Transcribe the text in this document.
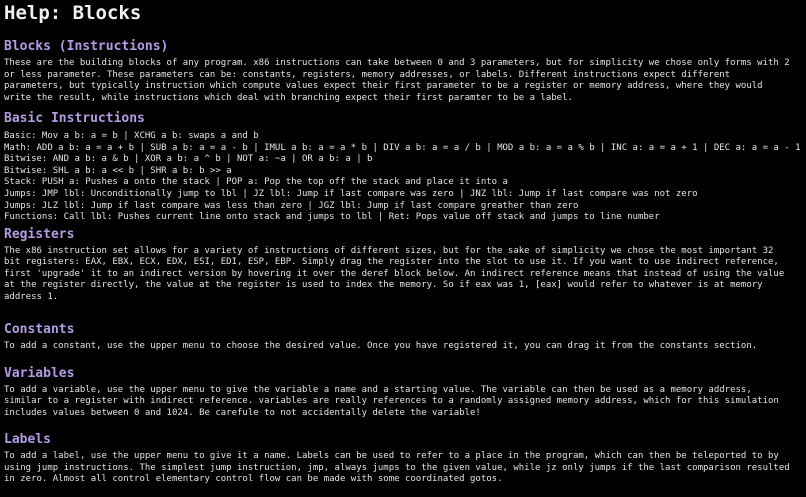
Help: Blocks
Blocks (Instructions)

These are the building blocks of any program. x86 instructions can take between 0 and 3 parameters, but for simplicity we chose only forms with 2 or less parameter. These parameters can be: constants, registers, memory addresses, or labels. Different instructions expect different parameters, but typically instruction which compute values expect their first parameter to be a register or memory address, where they would write the result, while instructions which deal with branching expect their first paramter to be a label.

Basic Instructions
Basic: Mov a b: a = b | XCHG a b: swaps a and b
Math: ADD a b: a = a + b | SUB a b: a = a - b | IMUL a b: a = a * b | DIV a b: a = a / b | MOD a b: a = a % b | INC a: a = a + 1 | DEC a: a = a - 1
Bitwise: AND a b: a & b | XOR a b: a ^ b | NOT a: ~a | OR a b: a | b
Bitwise: SHL a b: a << b | SHR a b: b >> a
Stack: PUSH a: Pushes a onto the stack | POP a: Pop the top off the stack and place it into a
Jumps: JMP lbl: Unconditionally jump to lbl | JZ lbl: Jump if last compare was zero | JNZ lbl: Jump if last compare was not zero
Jumps: JLZ lbl: Jump if last compare was less than zero | JGZ lbl: Jump if last compare greather than zero
Functions: Call lbl: Pushes current line onto stack and jumps to lbl | Ret: Pops value off stack and jumps to line number
Registers

The x86 instruction set allows for a variety of instructions of different sizes, but for the sake of simplicity we chose the most important 32 bit registers: EAX, EBX, ECX, EDX, ESI, EDI, ESP, EBP. Simply drag the register into the slot to use it. If you want to use indirect reference, first 'upgrade' it to an indirect version by hovering it over the deref block below. An indirect reference means that instead of using the value at the register directly, the value at the register is used to index the memory. So if eax was 1, [eax] would refer to whatever is at memory address 1.

Constants

To add a constant, use the upper menu to choose the desired value. Once you have registered it, you can drag it from the constants section.

Variables

To add a variable, use the upper menu to give the variable a name and a starting value. The variable can then be used as a memory address, similar to a register with indirect reference. variables are really references to a randomly assigned memory address, which for this simulation includes values between 0 and 1024. Be carefule to not accidentally delete the variable!

Labels

To add a label, use the upper menu to give it a name. Labels can be used to refer to a place in the program, which can then be teleported to by using jump instructions. The simplest jump instruction, jmp, always jumps to the given value, while jz only jumps if the last comparison resulted in zero. Almost all control elementary control flow can be made with some coordinated gotos.
